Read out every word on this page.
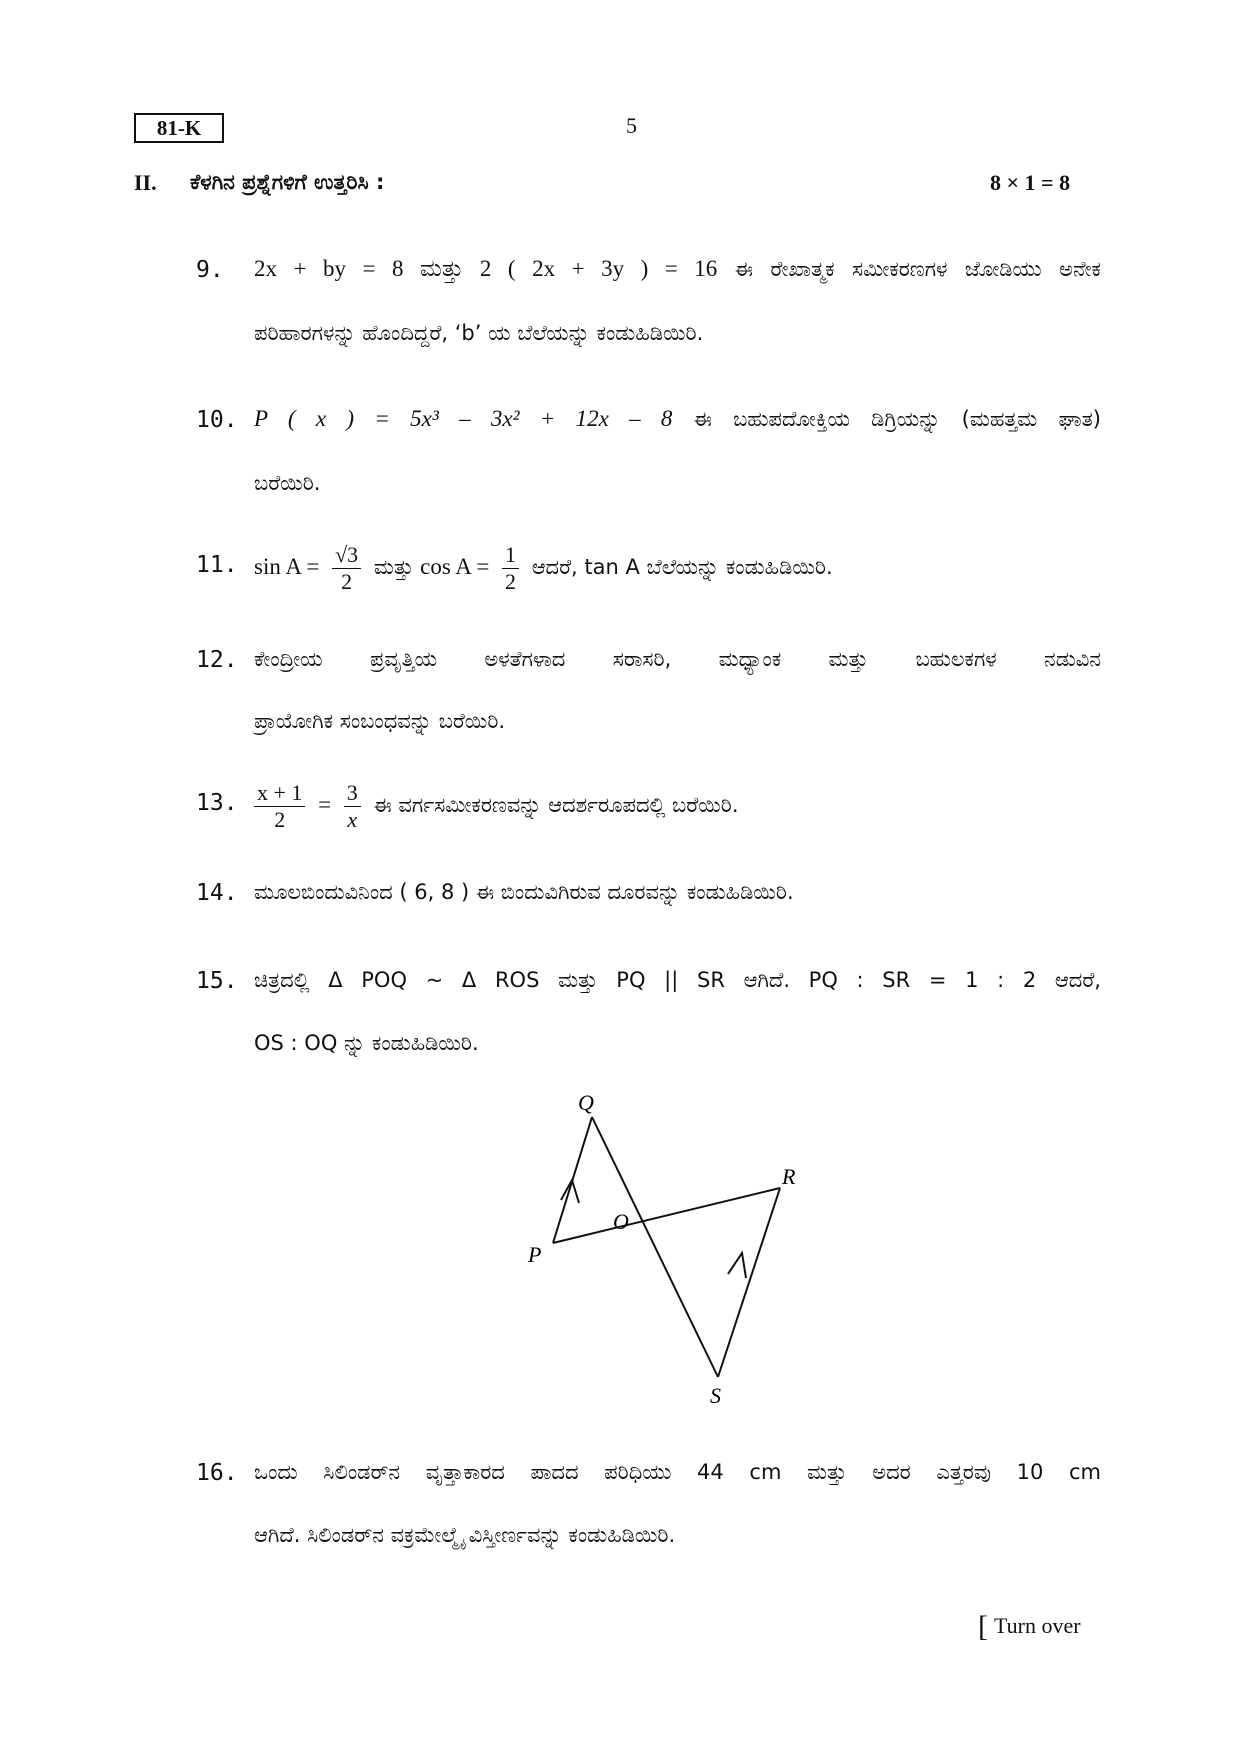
81-K	5
II. ಕೆಳಗಿನ ಪ್ರಶ್ನೆಗಳಿಗೆ ಉತ್ತರಿಸಿ :	8 × 1 = 8
9. 2x + by = 8 ಮತ್ತು 2 ( 2x + 3y ) = 16 ಈ ರೇಖಾತ್ಮಕ ಸಮೀಕರಣಗಳ ಜೋಡಿಯು ಅನೇಕ
ಪರಿಹಾರಗಳನ್ನು ಹೊಂದಿದ್ದರೆ, ‘b’ ಯ ಬೆಲೆಯನ್ನು ಕಂಡುಹಿಡಿಯಿರಿ.
10. P ( x ) = 5x³ – 3x² + 12x – 8 ಈ ಬಹುಪದೋಕ್ತಿಯ ಡಿಗ್ರಿಯನ್ನು (ಮಹತ್ತಮ ಘಾತ)
ಬರೆಯಿರಿ.
11. $\sin A = \frac{√3}{2}$ ಮತ್ತು $\cos A = \frac{1}{2}$ ಆದರೆ, tan A ಬೆಲೆಯನ್ನು ಕಂಡುಹಿಡಿಯಿರಿ.
12. ಕೇಂದ್ರೀಯ ಪ್ರವೃತ್ತಿಯ ಅಳತೆಗಳಾದ ಸರಾಸರಿ, ಮಧ್ಯಾಂಕ ಮತ್ತು ಬಹುಲಕಗಳ ನಡುವಿನ
ಪ್ರಾಯೋಗಿಕ ಸಂಬಂಧವನ್ನು ಬರೆಯಿರಿ.
13. $\frac{x + 1}{2} = \frac{3}{x}$ ಈ ವರ್ಗಸಮೀಕರಣವನ್ನು ಆದರ್ಶರೂಪದಲ್ಲಿ ಬರೆಯಿರಿ.
14. ಮೂಲಬಿಂದುವಿನಿಂದ ( 6, 8 ) ಈ ಬಿಂದುವಿಗಿರುವ ದೂರವನ್ನು ಕಂಡುಹಿಡಿಯಿರಿ.
15. ಚಿತ್ರದಲ್ಲಿ Δ POQ ~ Δ ROS ಮತ್ತು PQ || SR ಆಗಿದೆ. PQ : SR = 1 : 2 ಆದರೆ,
OS : OQ ನ್ನು ಕಂಡುಹಿಡಿಯಿರಿ.
Q
R
O
P
S
16. ಒಂದು ಸಿಲಿಂಡರ್‌ನ ವೃತ್ತಾಕಾರದ ಪಾದದ ಪರಿಧಿಯು 44 cm ಮತ್ತು ಅದರ ಎತ್ತರವು 10 cm
ಆಗಿದೆ. ಸಿಲಿಂಡರ್‌ನ ವಕ್ರಮೇಲ್ಮೈ ವಿಸ್ತೀರ್ಣವನ್ನು ಕಂಡುಹಿಡಿಯಿರಿ.
[ Turn over
